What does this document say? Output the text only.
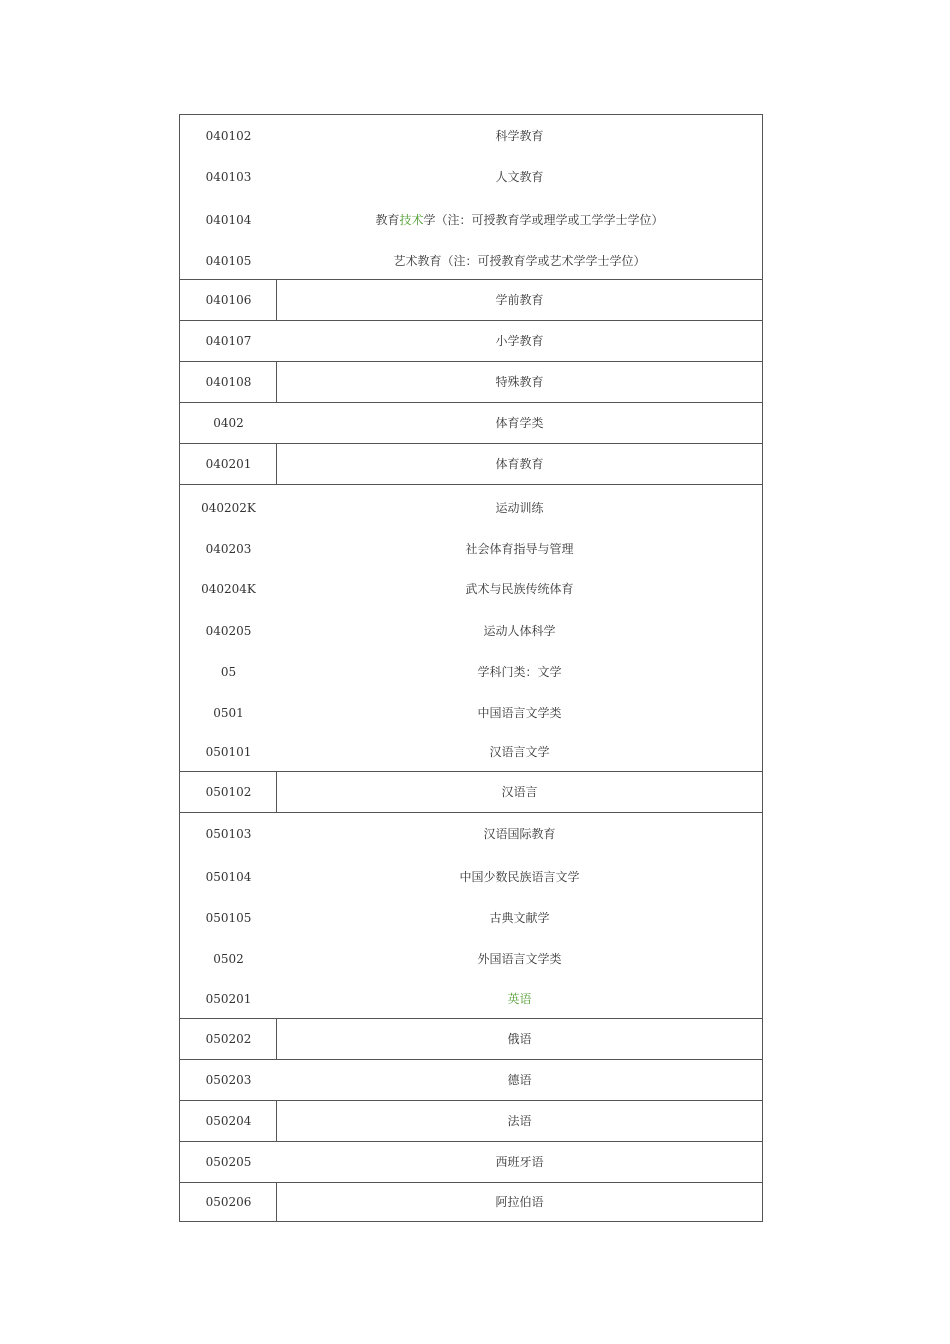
040102	科学教育
040103	人文教育
040104	教育 技术 学（注：可授教育学或理学或工学学士学位）
040105	艺术教育（注：可授教育学或艺术学学士学位）
040106	学前教育
040107	小学教育
040108	特殊教育
0402	体育学类
040201	体育教育
040202K	运动训练
040203	社会体育指导与管理
040204K	武术与民族传统体育
040205	运动人体科学
05	学科门类：文学
0501	中国语言文学类
050101	汉语言文学
050102	汉语言
050103	汉语国际教育
050104	中国少数民族语言文学
050105	古典文献学
0502	外国语言文学类
050201	英语
050202	俄语
050203	德语
050204	法语
050205	西班牙语
050206	阿拉伯语
